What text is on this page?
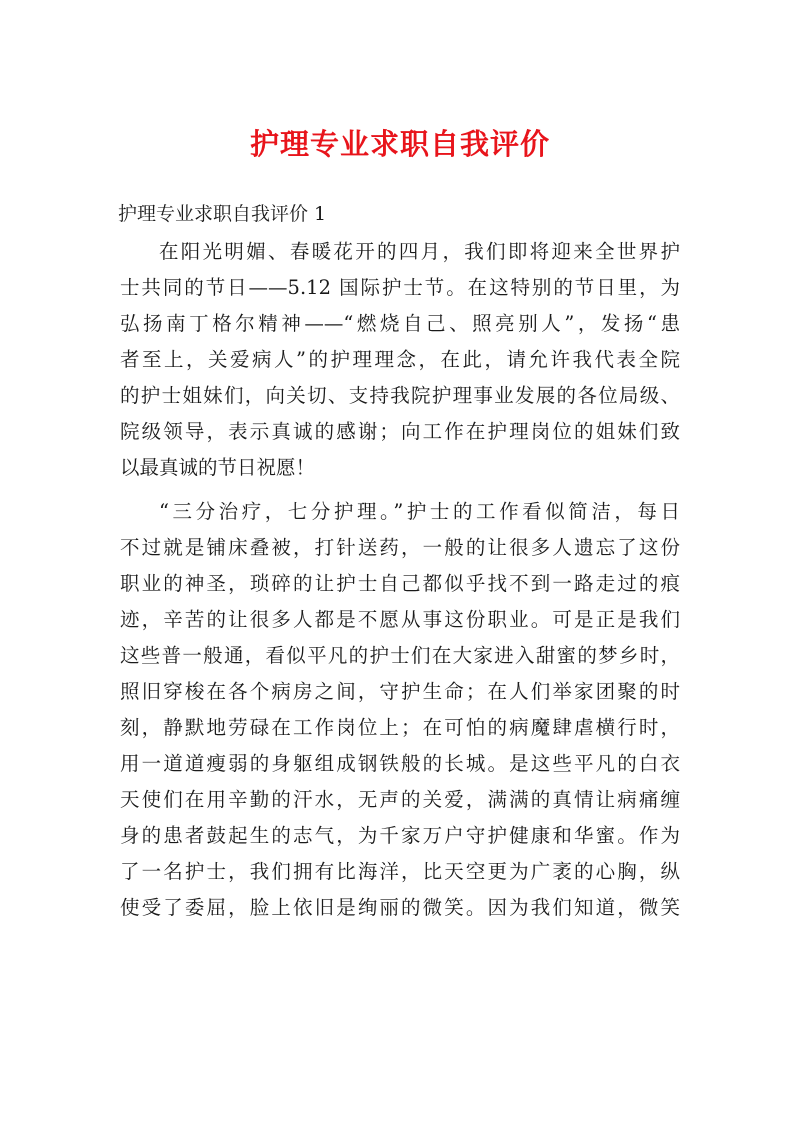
护理专业求职自我评价

护理专业求职自我评价 1

在阳光明媚、春暖花开的四月，我们即将迎来全世界护
士共同的节日——5.12 国际护士节。在这特别的节日里，为
弘扬南丁格尔精神——“燃烧自己、照亮别人”，发扬“患
者至上，关爱病人”的护理理念，在此，请允许我代表全院
的护士姐妹们，向关切、支持我院护理事业发展的各位局级、
院级领导，表示真诚的感谢；向工作在护理岗位的姐妹们致
以最真诚的节日祝愿！
“三分治疗，七分护理。”护士的工作看似简洁，每日
不过就是铺床叠被，打针送药，一般的让很多人遗忘了这份
职业的神圣，琐碎的让护士自己都似乎找不到一路走过的痕
迹，辛苦的让很多人都是不愿从事这份职业。可是正是我们
这些普一般通，看似平凡的护士们在大家进入甜蜜的梦乡时，
照旧穿梭在各个病房之间，守护生命；在人们举家团聚的时
刻，静默地劳碌在工作岗位上；在可怕的病魔肆虐横行时，
用一道道瘦弱的身躯组成钢铁般的长城。是这些平凡的白衣
天使们在用辛勤的汗水，无声的关爱，满满的真情让病痛缠
身的患者鼓起生的志气，为千家万户守护健康和华蜜。作为
了一名护士，我们拥有比海洋，比天空更为广袤的心胸，纵
使受了委屈，脸上依旧是绚丽的微笑。因为我们知道，微笑
